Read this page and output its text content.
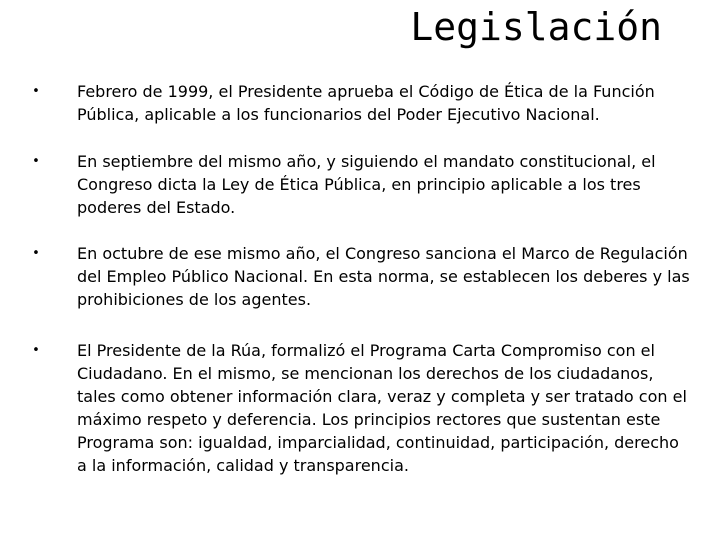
Legislación
• Febrero de 1999, el Presidente aprueba el Código de Ética de la Función Pública, aplicable a los funcionarios del Poder Ejecutivo Nacional.
• En septiembre del mismo año, y siguiendo el mandato constitucional, el Congreso dicta la Ley de Ética Pública, en principio aplicable a los tres poderes del Estado.
• En octubre de ese mismo año, el Congreso sanciona el Marco de Regulación del Empleo Público Nacional. En esta norma, se establecen los deberes y las prohibiciones de los agentes.
• El Presidente de la Rúa, formalizó el Programa Carta Compromiso con el Ciudadano. En el mismo, se mencionan los derechos de los ciudadanos, tales como obtener información clara, veraz y completa y ser tratado con el máximo respeto y deferencia. Los principios rectores que sustentan este Programa son: igualdad, imparcialidad, continuidad, participación, derecho a la información, calidad y transparencia.
